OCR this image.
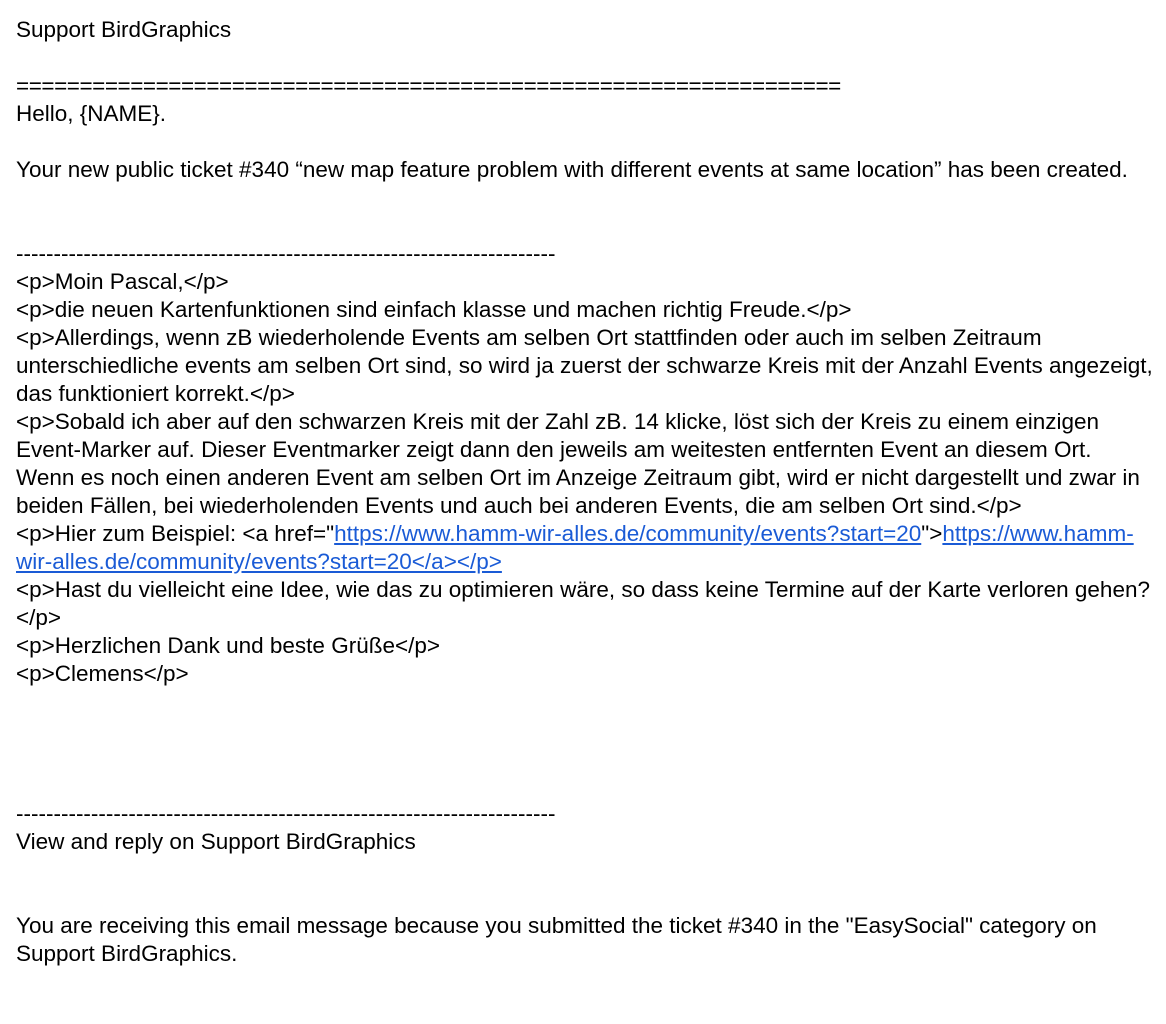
Support BirdGraphics

=================================================================

Hello, {NAME}.

Your new public ticket #340 “new map feature problem with different events at same location” has been created.

------------------------------------------------------------------------

<p>Moin Pascal,</p>

<p>die neuen Kartenfunktionen sind einfach klasse und machen richtig Freude.</p>

<p>Allerdings, wenn zB wiederholende Events am selben Ort stattfinden oder auch im selben Zeitraum unterschiedliche events am selben Ort sind, so wird ja zuerst der schwarze Kreis mit der Anzahl Events angezeigt, das funktioniert korrekt.</p>

<p>Sobald ich aber auf den schwarzen Kreis mit der Zahl zB. 14 klicke, löst sich der Kreis zu einem einzigen Event-Marker auf. Dieser Eventmarker zeigt dann den jeweils am weitesten entfernten Event an diesem Ort. Wenn es noch einen anderen Event am selben Ort im Anzeige Zeitraum gibt, wird er nicht dargestellt und zwar in beiden Fällen, bei wiederholenden Events und auch bei anderen Events, die am selben Ort sind.</p>

<p>Hier zum Beispiel: <a href="https://www.hamm-wir-alles.de/community/events?start=20">https://www.hamm-wir-alles.de/community/events?start=20</a></p>

<p>Hast du vielleicht eine Idee, wie das zu optimieren wäre, so dass keine Termine auf der Karte verloren gehen?</p>

<p>Herzlichen Dank und beste Grüße</p>

<p>Clemens</p>

------------------------------------------------------------------------

View and reply on Support BirdGraphics

You are receiving this email message because you submitted the ticket #340 in the "EasySocial" category on Support BirdGraphics.
